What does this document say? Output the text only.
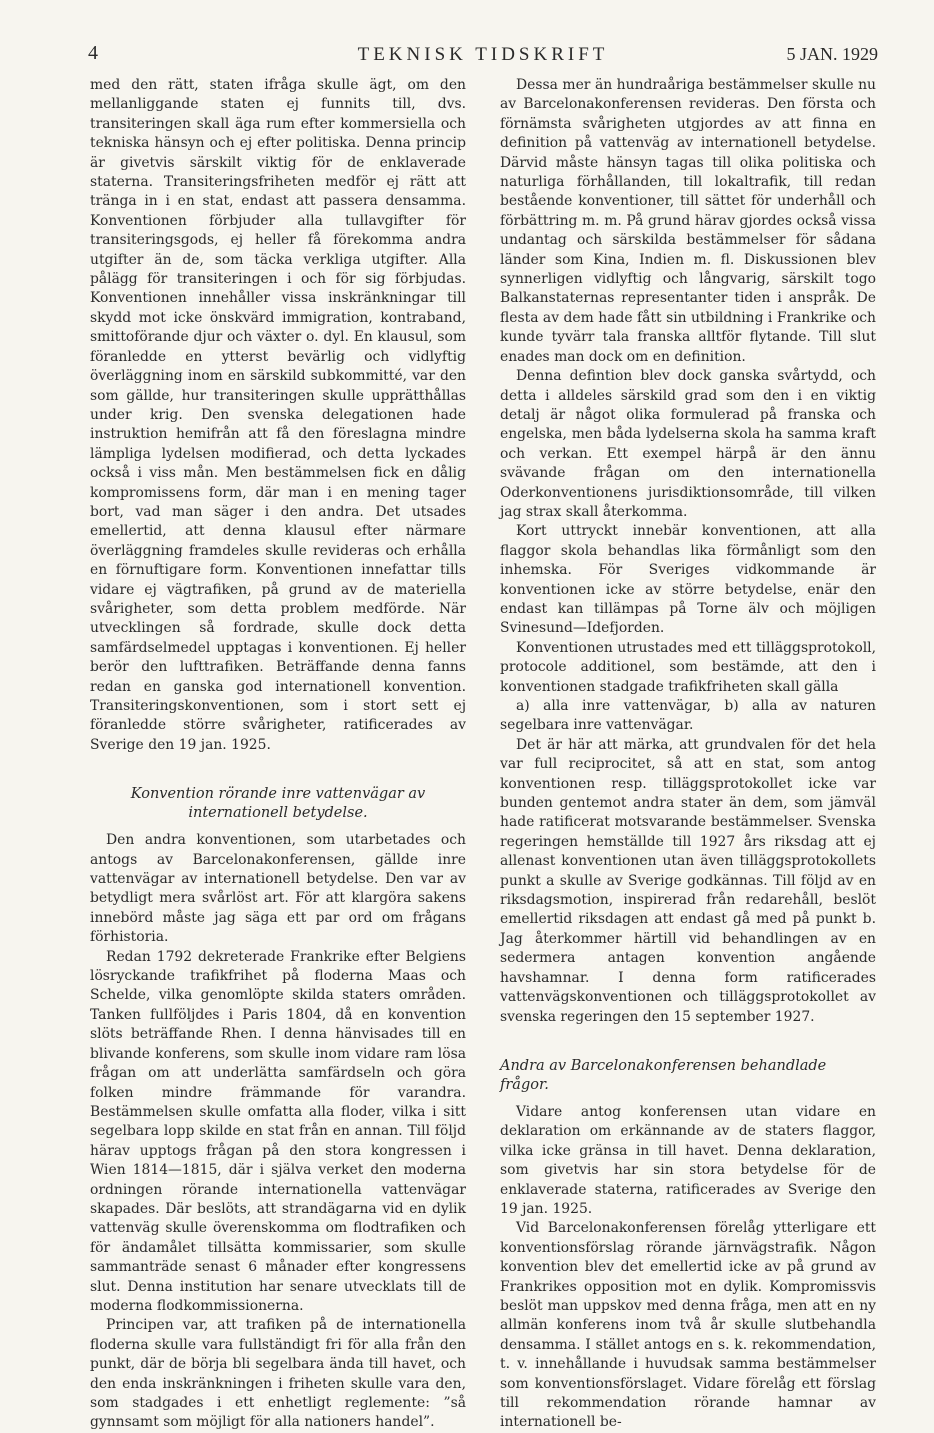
4	TEKNISK TIDSKRIFT	5 JAN. 1929

med den rätt, staten ifråga skulle ägt, om den mellanliggande staten ej funnits till, dvs. transiteringen skall äga rum efter kommersiella och tekniska hänsyn och ej efter politiska. Denna princip är givetvis särskilt viktig för de enklaverade staterna. Transiteringsfriheten medför ej rätt att tränga in i en stat, endast att passera densamma. Konventionen förbjuder alla tullavgifter för transiteringsgods, ej heller få förekomma andra utgifter än de, som täcka verkliga utgifter. Alla pålägg för transiteringen i och för sig förbjudas. Konventionen innehåller vissa inskränkningar till skydd mot icke önskvärd immigration, kontraband, smittoförande djur och växter o. dyl. En klausul, som föranledde en ytterst bevärlig och vidlyftig överläggning inom en särskild subkommitté, var den som gällde, hur transiteringen skulle upprätthållas under krig. Den svenska delegationen hade instruktion hemifrån att få den föreslagna mindre lämpliga lydelsen modifierad, och detta lyckades också i viss mån. Men bestämmelsen fick en dålig kompromissens form, där man i en mening tager bort, vad man säger i den andra. Det utsades emellertid, att denna klausul efter närmare överläggning framdeles skulle revideras och erhålla en förnuftigare form. Konventionen innefattar tills vidare ej vägtrafiken, på grund av de materiella svårigheter, som detta problem medförde. När utvecklingen så fordrade, skulle dock detta samfärdselmedel upptagas i konventionen. Ej heller berör den lufttrafiken. Beträffande denna fanns redan en ganska god internationell konvention. Transiteringskonventionen, som i stort sett ej föranledde större svårigheter, ratificerades av Sverige den 19 jan. 1925.

Konvention rörande inre vattenvägar av internationell betydelse.

Den andra konventionen, som utarbetades och antogs av Barcelonakonferensen, gällde inre vattenvägar av internationell betydelse. Den var av betydligt mera svårlöst art. För att klargöra sakens innebörd måste jag säga ett par ord om frågans förhistoria.

Redan 1792 dekreterade Frankrike efter Belgiens lösryckande trafikfrihet på floderna Maas och Schelde, vilka genomlöpte skilda staters områden. Tanken fullföljdes i Paris 1804, då en konvention slöts beträffande Rhen. I denna hänvisades till en blivande konferens, som skulle inom vidare ram lösa frågan om att underlätta samfärdseln och göra folken mindre främmande för varandra. Bestämmelsen skulle omfatta alla floder, vilka i sitt segelbara lopp skilde en stat från en annan. Till följd härav upptogs frågan på den stora kongressen i Wien 1814—1815, där i själva verket den moderna ordningen rörande internationella vattenvägar skapades. Där beslöts, att strandägarna vid en dylik vattenväg skulle överenskomma om flodtrafiken och för ändamålet tillsätta kommissarier, som skulle sammanträde senast 6 månader efter kongressens slut. Denna institution har senare utvecklats till de moderna flodkommissionerna.

Principen var, att trafiken på de internationella floderna skulle vara fullständigt fri för alla från den punkt, där de börja bli segelbara ända till havet, och den enda inskränkningen i friheten skulle vara den, som stadgades i ett enhetligt reglemente: ”så gynnsamt som möjligt för alla nationers handel”.

Dessa mer än hundraåriga bestämmelser skulle nu av Barcelonakonferensen revideras. Den första och förnämsta svårigheten utgjordes av att finna en definition på vattenväg av internationell betydelse. Därvid måste hänsyn tagas till olika politiska och naturliga förhållanden, till lokaltrafik, till redan bestående konventioner, till sättet för underhåll och förbättring m. m. På grund härav gjordes också vissa undantag och särskilda bestämmelser för sådana länder som Kina, Indien m. fl. Diskussionen blev synnerligen vidlyftig och långvarig, särskilt togo Balkanstaternas representanter tiden i anspråk. De flesta av dem hade fått sin utbildning i Frankrike och kunde tyvärr tala franska alltför flytande. Till slut enades man dock om en definition.

Denna defintion blev dock ganska svårtydd, och detta i alldeles särskild grad som den i en viktig detalj är något olika formulerad på franska och engelska, men båda lydelserna skola ha samma kraft och verkan. Ett exempel härpå är den ännu svävande frågan om den internationella Oderkonventionens jurisdiktionsområde, till vilken jag strax skall återkomma.

Kort uttryckt innebär konventionen, att alla flaggor skola behandlas lika förmånligt som den inhemska. För Sveriges vidkommande är konventionen icke av större betydelse, enär den endast kan tillämpas på Torne älv och möjligen Svinesund—Idefjorden.

Konventionen utrustades med ett tilläggsprotokoll, protocole additionel, som bestämde, att den i konventionen stadgade trafikfriheten skall gälla

a) alla inre vattenvägar, b) alla av naturen segelbara inre vattenvägar.

Det är här att märka, att grundvalen för det hela var full reciprocitet, så att en stat, som antog konventionen resp. tilläggsprotokollet icke var bunden gentemot andra stater än dem, som jämväl hade ratificerat motsvarande bestämmelser. Svenska regeringen hemställde till 1927 års riksdag att ej allenast konventionen utan även tilläggsprotokollets punkt a skulle av Sverige godkännas. Till följd av en riksdagsmotion, inspirerad från redarehåll, beslöt emellertid riksdagen att endast gå med på punkt b. Jag återkommer härtill vid behandlingen av en sedermera antagen konvention angående havshamnar. I denna form ratificerades vattenvägskonventionen och tilläggsprotokollet av svenska regeringen den 15 september 1927.

Andra av Barcelonakonferensen behandlade frågor.

Vidare antog konferensen utan vidare en deklaration om erkännande av de staters flaggor, vilka icke gränsa in till havet. Denna deklaration, som givetvis har sin stora betydelse för de enklaverade staterna, ratificerades av Sverige den 19 jan. 1925.

Vid Barcelonakonferensen förelåg ytterligare ett konventionsförslag rörande järnvägstrafik. Någon konvention blev det emellertid icke av på grund av Frankrikes opposition mot en dylik. Kompromissvis beslöt man uppskov med denna fråga, men att en ny allmän konferens inom två år skulle slutbehandla densamma. I stället antogs en s. k. rekommendation, t. v. innehållande i huvudsak samma bestämmelser som konventionsförslaget. Vidare förelåg ett förslag till rekommendation rörande hamnar av internationell be-
